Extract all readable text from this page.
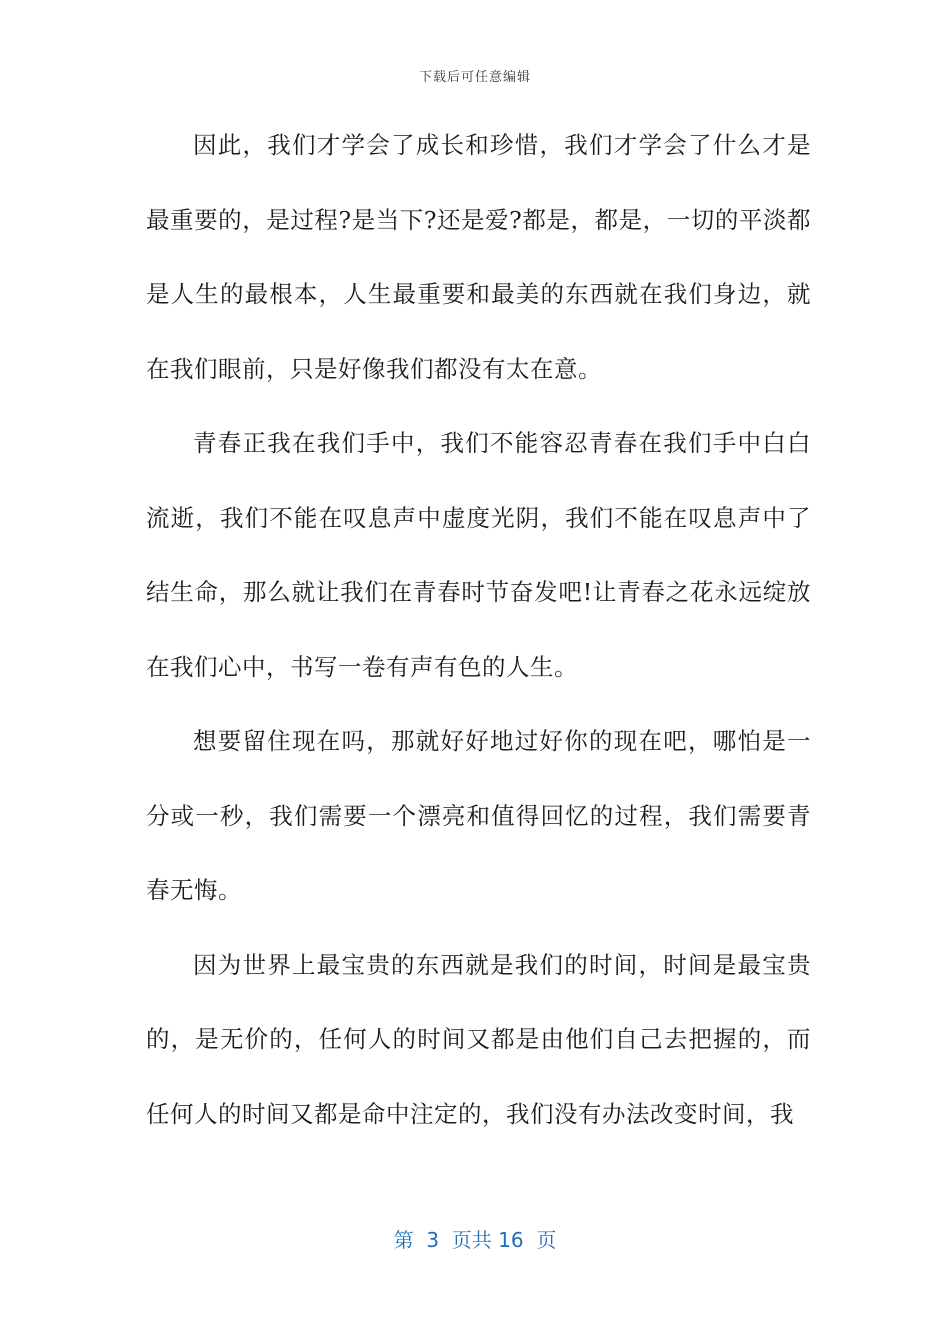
下载后可任意编辑

因此，我们才学会了成长和珍惜，我们才学会了什么才是最重要的，是过程?是当下?还是爱?都是，都是，一切的平淡都是人生的最根本，人生最重要和最美的东西就在我们身边，就在我们眼前，只是好像我们都没有太在意。

青春正我在我们手中，我们不能容忍青春在我们手中白白流逝，我们不能在叹息声中虚度光阴，我们不能在叹息声中了结生命，那么就让我们在青春时节奋发吧!让青春之花永远绽放在我们心中，书写一卷有声有色的人生。

想要留住现在吗，那就好好地过好你的现在吧，哪怕是一分或一秒，我们需要一个漂亮和值得回忆的过程，我们需要青春无悔。

因为世界上最宝贵的东西就是我们的时间，时间是最宝贵的，是无价的，任何人的时间又都是由他们自己去把握的，而任何人的时间又都是命中注定的，我们没有办法改变时间，我

第  3  页共 16  页
